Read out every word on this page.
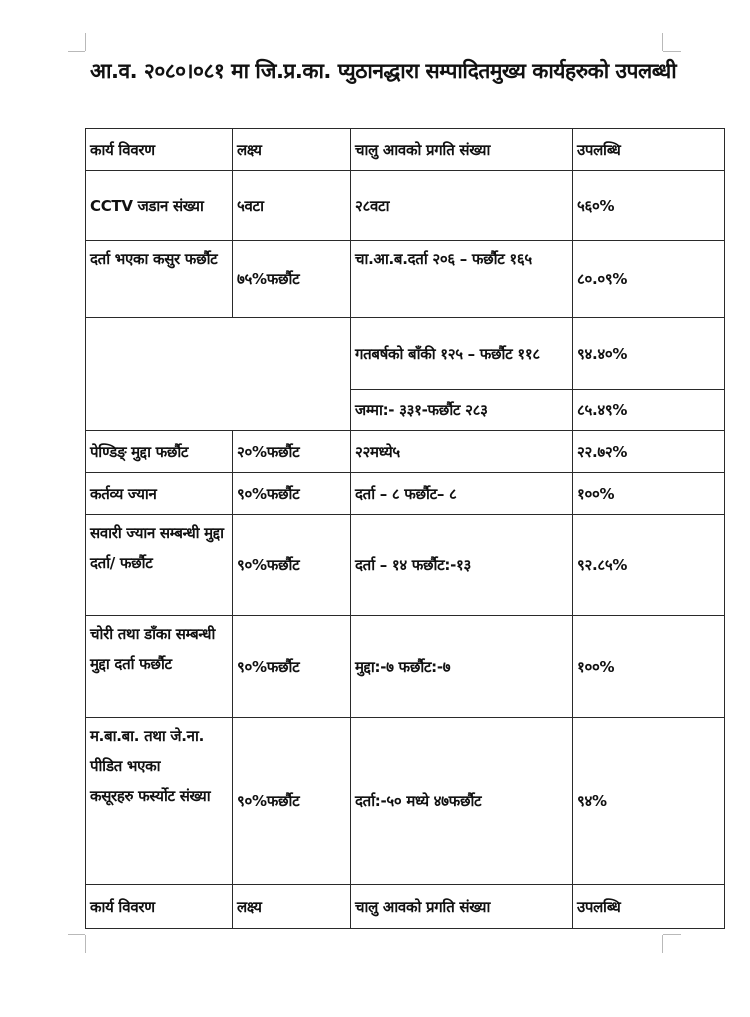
आ.व. २०८०।०८१ मा जि.प्र.का. प्युठानद्धारा सम्पादितमुख्य कार्यहरुको उपलब्धी
कार्य विवरण	लक्ष्य	चालु आवको प्रगति संख्या	उपलब्धि
CCTV जडान संख्या	५वटा	२८वटा	५६०%
दर्ता भएका कसुर फर्छौट	७५%फर्छौट	चा.आ.ब.दर्ता २०६ – फर्छौट १६५	८०.०९%
		गतबर्षको बाँकी १२५ – फर्छौट ११८	९४.४०%
		जम्मा:- ३३१-फर्छौट २८३	८५.४९%
पेण्डिङ्‌ मुद्दा फर्छौट	२०%फर्छौट	२२मध्ये५	२२.७२%
कर्तव्य ज्यान	९०%फर्छौट	दर्ता – ८ फर्छौट– ८	१००%
सवारी ज्यान सम्बन्धी मुद्दा दर्ता/ फर्छौट	९०%फर्छौट	दर्ता – १४ फर्छौट:-१३	९२.८५%
चोरी तथा डाँका सम्बन्धी मुद्दा दर्ता फर्छौट	९०%फर्छौट	मुद्दा:-७ फर्छौट:-७	१००%

म.बा.बा. तथा जे.ना. पीडित भएका
कसूरहरु फर्स्योट संख्या	९०%फर्छौट	दर्ता:-५० मध्ये ४७फर्छौट	९४%
कार्य विवरण	लक्ष्य	चालु आवको प्रगति संख्या	उपलब्धि
